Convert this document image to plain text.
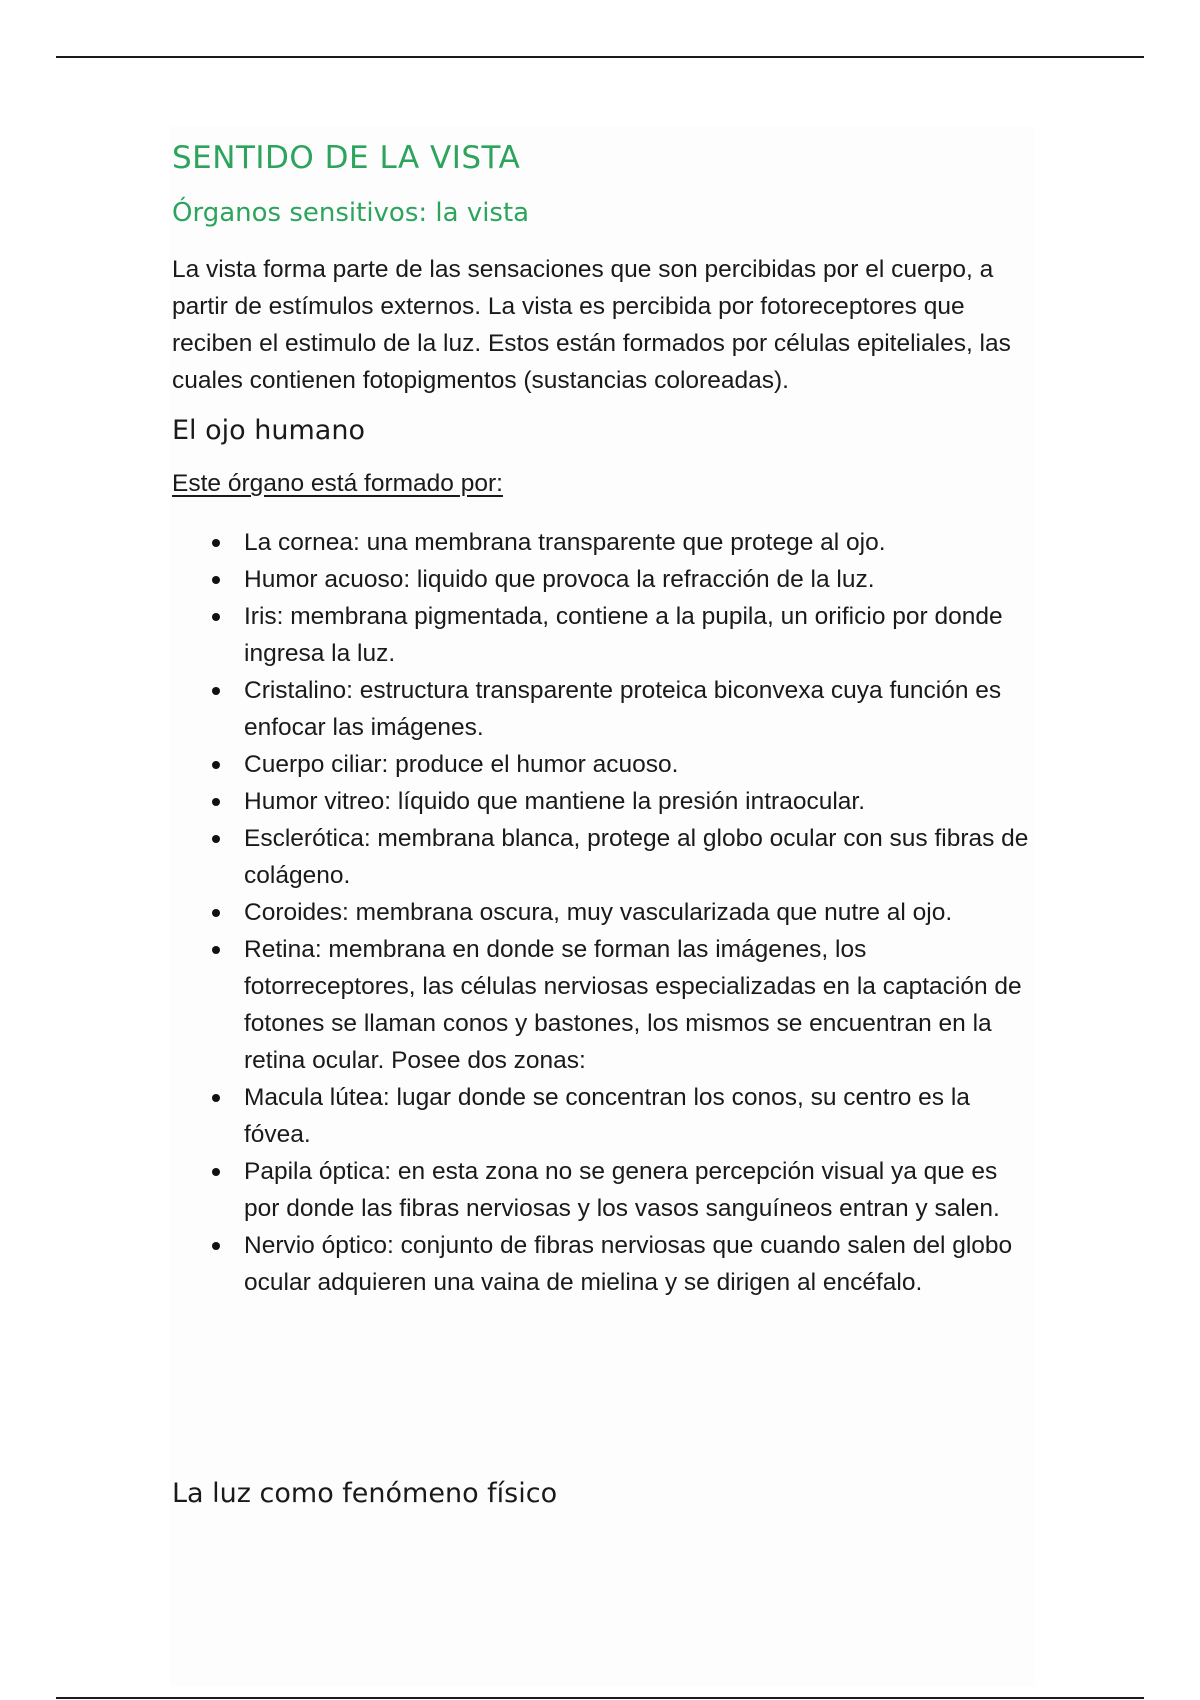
SENTIDO DE LA VISTA
Órganos sensitivos: la vista

La vista forma parte de las sensaciones que son percibidas por el cuerpo, a partir de estímulos externos. La vista es percibida por fotoreceptores que reciben el estimulo de la luz. Estos están formados por células epiteliales, las cuales contienen fotopigmentos (sustancias coloreadas).

El ojo humano

Este órgano está formado por:

La cornea: una membrana transparente que protege al ojo.
Humor acuoso: liquido que provoca la refracción de la luz.
Iris: membrana pigmentada, contiene a la pupila, un orificio por donde ingresa la luz.
Cristalino: estructura transparente proteica biconvexa cuya función es enfocar las imágenes.
Cuerpo ciliar: produce el humor acuoso.
Humor vitreo: líquido que mantiene la presión intraocular.
Esclerótica: membrana blanca, protege al globo ocular con sus fibras de colágeno.
Coroides: membrana oscura, muy vascularizada que nutre al ojo.
Retina: membrana en donde se forman las imágenes, los fotorreceptores, las células nerviosas especializadas en la captación de fotones se llaman conos y bastones, los mismos se encuentran en la retina ocular. Posee dos zonas:
Macula lútea: lugar donde se concentran los conos, su centro es la fóvea.
Papila óptica: en esta zona no se genera percepción visual ya que es por donde las fibras nerviosas y los vasos sanguíneos entran y salen.
Nervio óptico: conjunto de fibras nerviosas que cuando salen del globo ocular adquieren una vaina de mielina y se dirigen al encéfalo.
La luz como fenómeno físico
